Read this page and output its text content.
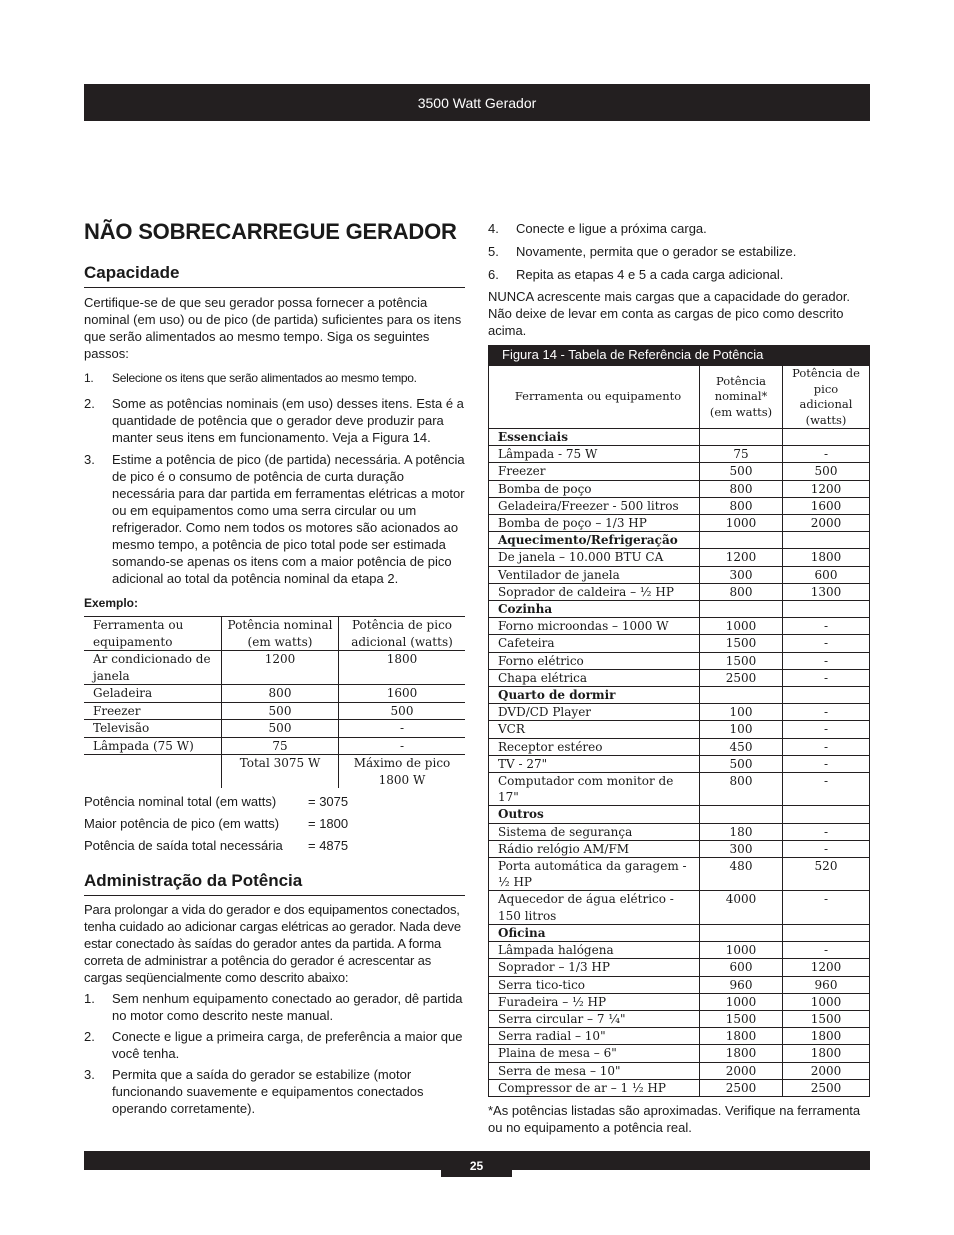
3500 Watt Gerador
NÃO SOBRECARREGUE GERADOR
Capacidade

Certifique-se de que seu gerador possa fornecer a potência nominal (em uso) ou de pico (de partida) suficientes para os itens que serão alimentados ao mesmo tempo. Siga os seguintes passos:

1.	Selecione os itens que serão alimentados ao mesmo tempo.
2.	Some as potências nominais (em uso) desses itens. Esta é a quantidade de potência que o gerador deve produzir para manter seus itens em funcionamento. Veja a Figura 14.
3.	Estime a potência de pico (de partida) necessária. A potência de pico é o consumo de potência de curta duração necessária para dar partida em ferramentas elétricas a motor ou em equipamentos como uma serra circular ou um refrigerador. Como nem todos os motores são acionados ao mesmo tempo, a potência de pico total pode ser estimada somando-se apenas os itens com a maior potência de pico adicional ao total da potência nominal da etapa 2.

Exemplo:

Ferramenta ou equipamento	Potência nominal (em watts)	Potência de pico adicional (watts)
Ar condicionado de janela	1200	1800
Geladeira	800	1600
Freezer	500	500
Televisão	500	-
Lâmpada (75 W)	75	-
	Total 3075 W	Máximo de pico 1800 W
Potência nominal total (em watts)	= 3075
Maior potência de pico (em watts)	= 1800
Potência de saída total necessária	= 4875
Administração da Potência

Para prolongar a vida do gerador e dos equipamentos conectados, tenha cuidado ao adicionar cargas elétricas ao gerador. Nada deve estar conectado às saídas do gerador antes da partida. A forma correta de administrar a potência do gerador é acrescentar as cargas seqüencialmente como descrito abaixo:

1.	Sem nenhum equipamento conectado ao gerador, dê partida no motor como descrito neste manual.
2.	Conecte e ligue a primeira carga, de preferência a maior que você tenha.
3.	Permita que a saída do gerador se estabilize (motor funcionando suavemente e equipamentos conectados operando corretamente).
4.	Conecte e ligue a próxima carga.
5.	Novamente, permita que o gerador se estabilize.
6.	Repita as etapas 4 e 5 a cada carga adicional.

NUNCA acrescente mais cargas que a capacidade do gerador. Não deixe de levar em conta as cargas de pico como descrito acima.

Figura 14 - Tabela de Referência de Potência
Ferramenta ou equipamento	Potência nominal* (em watts)	Potência de pico adicional (watts)
Essenciais		
Lâmpada - 75 W	75	-
Freezer	500	500
Bomba de poço	800	1200
Geladeira/Freezer - 500 litros	800	1600
Bomba de poço – 1/3 HP	1000	2000
Aquecimento/Refrigeração		
De janela – 10.000 BTU CA	1200	1800
Ventilador de janela	300	600
Soprador de caldeira – ½ HP	800	1300
Cozinha		
Forno microondas – 1000 W	1000	-
Cafeteira	1500	-
Forno elétrico	1500	-
Chapa elétrica	2500	-
Quarto de dormir		
DVD/CD Player	100	-
VCR	100	-
Receptor estéreo	450	-
TV - 27"	500	-
Computador com monitor de 17"	800	-
Outros		
Sistema de segurança	180	-
Rádio relógio AM/FM	300	-
Porta automática da garagem - ½ HP	480	520
Aquecedor de água elétrico - 150 litros	4000	-
Oficina		
Lâmpada halógena	1000	-
Soprador – 1/3 HP	600	1200
Serra tico-tico	960	960
Furadeira – ½ HP	1000	1000
Serra circular – 7 ¼"	1500	1500
Serra radial – 10"	1800	1800
Plaina de mesa – 6"	1800	1800
Serra de mesa – 10"	2000	2000
Compressor de ar – 1 ½ HP	2500	2500

*As potências listadas são aproximadas. Verifique na ferramenta ou no equipamento a potência real.

25
